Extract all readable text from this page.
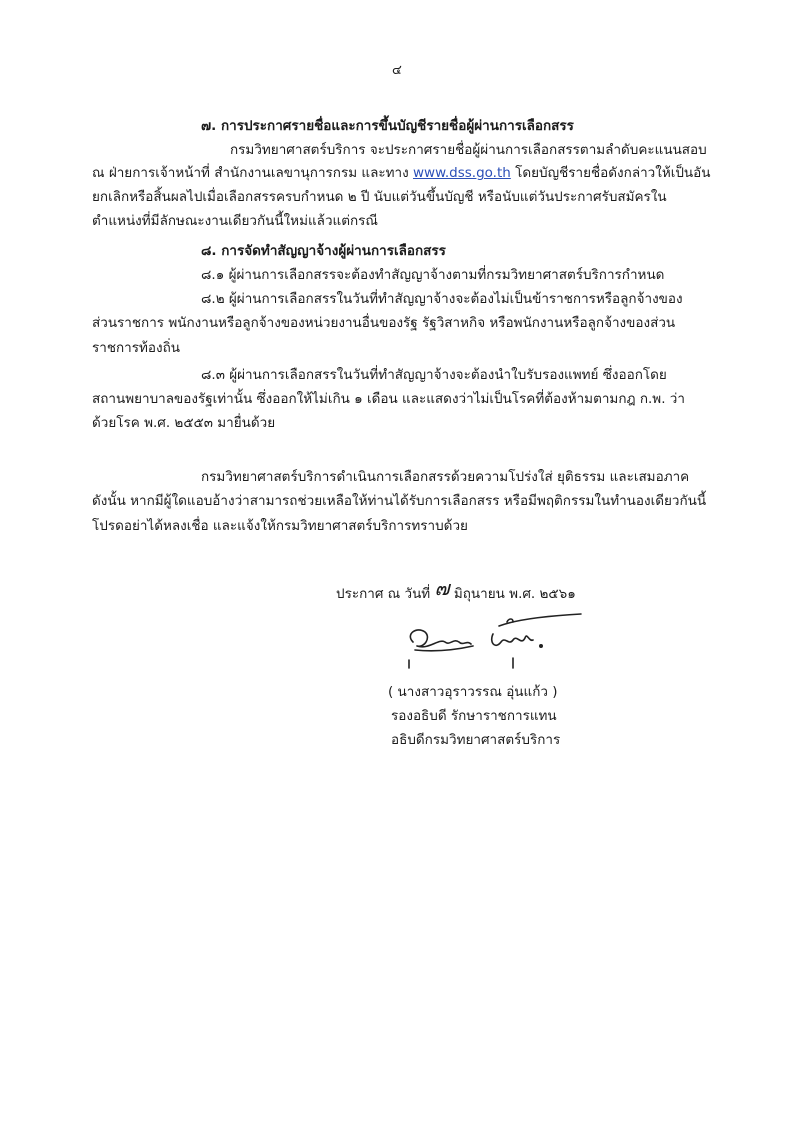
๔
๗. การประกาศรายชื่อและการขึ้นบัญชีรายชื่อผู้ผ่านการเลือกสรร
กรมวิทยาศาสตร์บริการ จะประกาศรายชื่อผู้ผ่านการเลือกสรรตามลำดับคะแนนสอบ
ณ ฝ่ายการเจ้าหน้าที่ สำนักงานเลขานุการกรม และทาง www.dss.go.th โดยบัญชีรายชื่อดังกล่าวให้เป็นอัน
ยกเลิกหรือสิ้นผลไปเมื่อเลือกสรรครบกำหนด ๒ ปี นับแต่วันขึ้นบัญชี หรือนับแต่วันประกาศรับสมัครใน
ตำแหน่งที่มีลักษณะงานเดียวกันนี้ใหม่แล้วแต่กรณี
๘. การจัดทำสัญญาจ้างผู้ผ่านการเลือกสรร
๘.๑ ผู้ผ่านการเลือกสรรจะต้องทำสัญญาจ้างตามที่กรมวิทยาศาสตร์บริการกำหนด
๘.๒ ผู้ผ่านการเลือกสรรในวันที่ทำสัญญาจ้างจะต้องไม่เป็นข้าราชการหรือลูกจ้างของ
ส่วนราชการ พนักงานหรือลูกจ้างของหน่วยงานอื่นของรัฐ รัฐวิสาหกิจ หรือพนักงานหรือลูกจ้างของส่วน
ราชการท้องถิ่น
๘.๓ ผู้ผ่านการเลือกสรรในวันที่ทำสัญญาจ้างจะต้องนำใบรับรองแพทย์ ซึ่งออกโดย
สถานพยาบาลของรัฐเท่านั้น ซึ่งออกให้ไม่เกิน ๑ เดือน และแสดงว่าไม่เป็นโรคที่ต้องห้ามตามกฎ ก.พ. ว่า
ด้วยโรค พ.ศ. ๒๕๕๓ มายื่นด้วย
กรมวิทยาศาสตร์บริการดำเนินการเลือกสรรด้วยความโปร่งใส่ ยุติธรรม และเสมอภาค
ดังนั้น หากมีผู้ใดแอบอ้างว่าสามารถช่วยเหลือให้ท่านได้รับการเลือกสรร หรือมีพฤติกรรมในทำนองเดียวกันนี้
โปรดอย่าได้หลงเชื่อ และแจ้งให้กรมวิทยาศาสตร์บริการทราบด้วย
ประกาศ ณ วันที่ ๗ มิถุนายน พ.ศ. ๒๕๖๑
( นางสาวอุราวรรณ อุ่นแก้ว )
รองอธิบดี รักษาราชการแทน
อธิบดีกรมวิทยาศาสตร์บริการ
